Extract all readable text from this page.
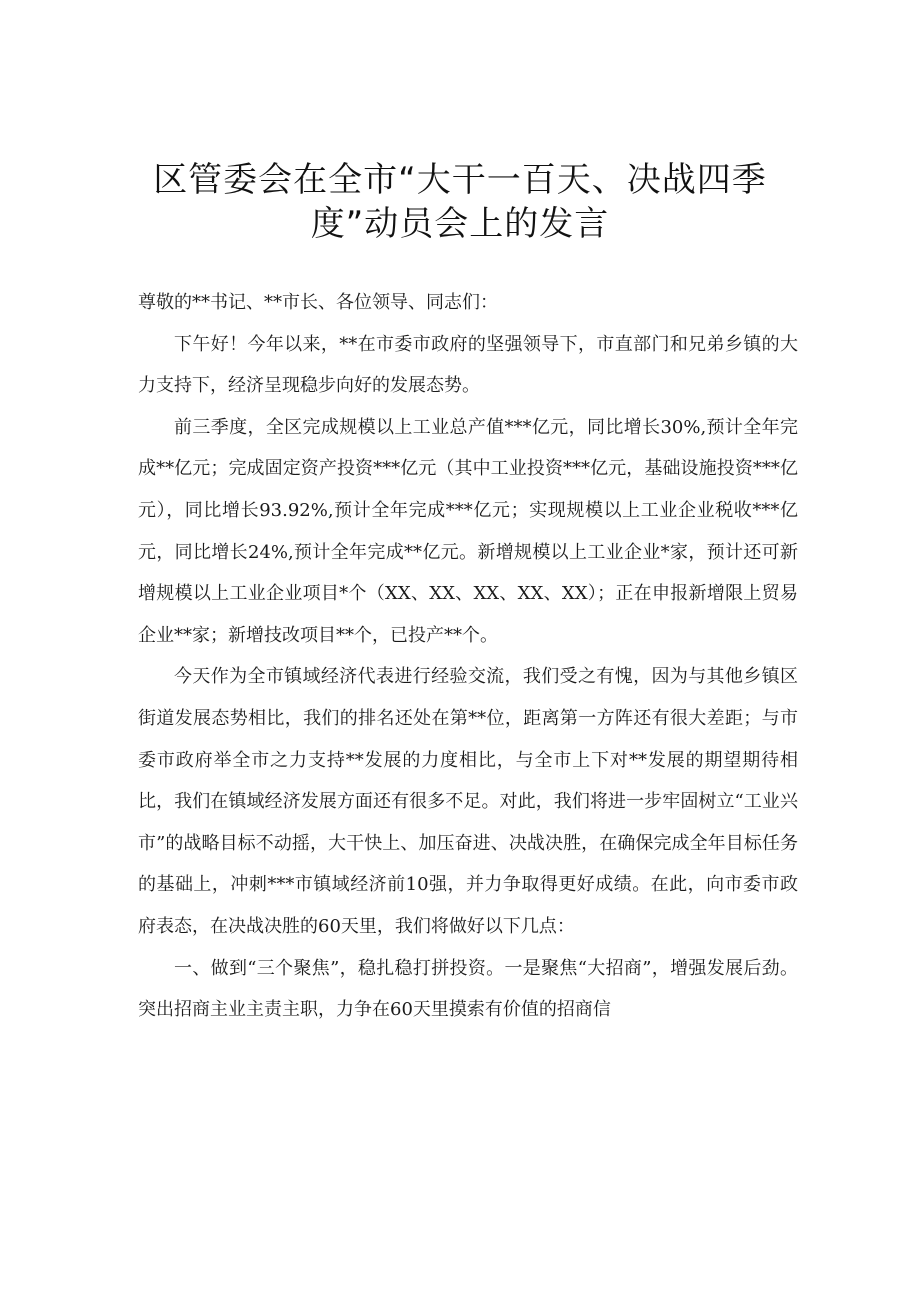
区管委会在全市“大干一百天、决战四季
度”动员会上的发言

尊敬的**书记、**市长、各位领导、同志们：

下午好！今年以来，**在市委市政府的坚强领导下，市直部门和兄弟乡镇的大力支持下，经济呈现稳步向好的发展态势。

前三季度，全区完成规模以上工业总产值***亿元，同比增长30%,预计全年完成**亿元；完成固定资产投资***亿元（其中工业投资***亿元，基础设施投资***亿元），同比增长93.92%,预计全年完成***亿元；实现规模以上工业企业税收***亿元，同比增长24%,预计全年完成**亿元。新增规模以上工业企业*家，预计还可新增规模以上工业企业项目*个（XX、XX、XX、XX、XX）；正在申报新增限上贸易企业**家；新增技改项目**个，已投产**个。

今天作为全市镇域经济代表进行经验交流，我们受之有愧，因为与其他乡镇区街道发展态势相比，我们的排名还处在第**位，距离第一方阵还有很大差距；与市委市政府举全市之力支持**发展的力度相比，与全市上下对**发展的期望期待相比，我们在镇域经济发展方面还有很多不足。对此，我们将进一步牢固树立“工业兴市”的战略目标不动摇，大干快上、加压奋进、决战决胜，在确保完成全年目标任务的基础上，冲刺***市镇域经济前10强，并力争取得更好成绩。在此，向市委市政府表态，在决战决胜的60天里，我们将做好以下几点：

一、做到“三个聚焦”，稳扎稳打拼投资。一是聚焦“大招商”，增强发展后劲。突出招商主业主责主职，力争在60天里摸索有价值的招商信
